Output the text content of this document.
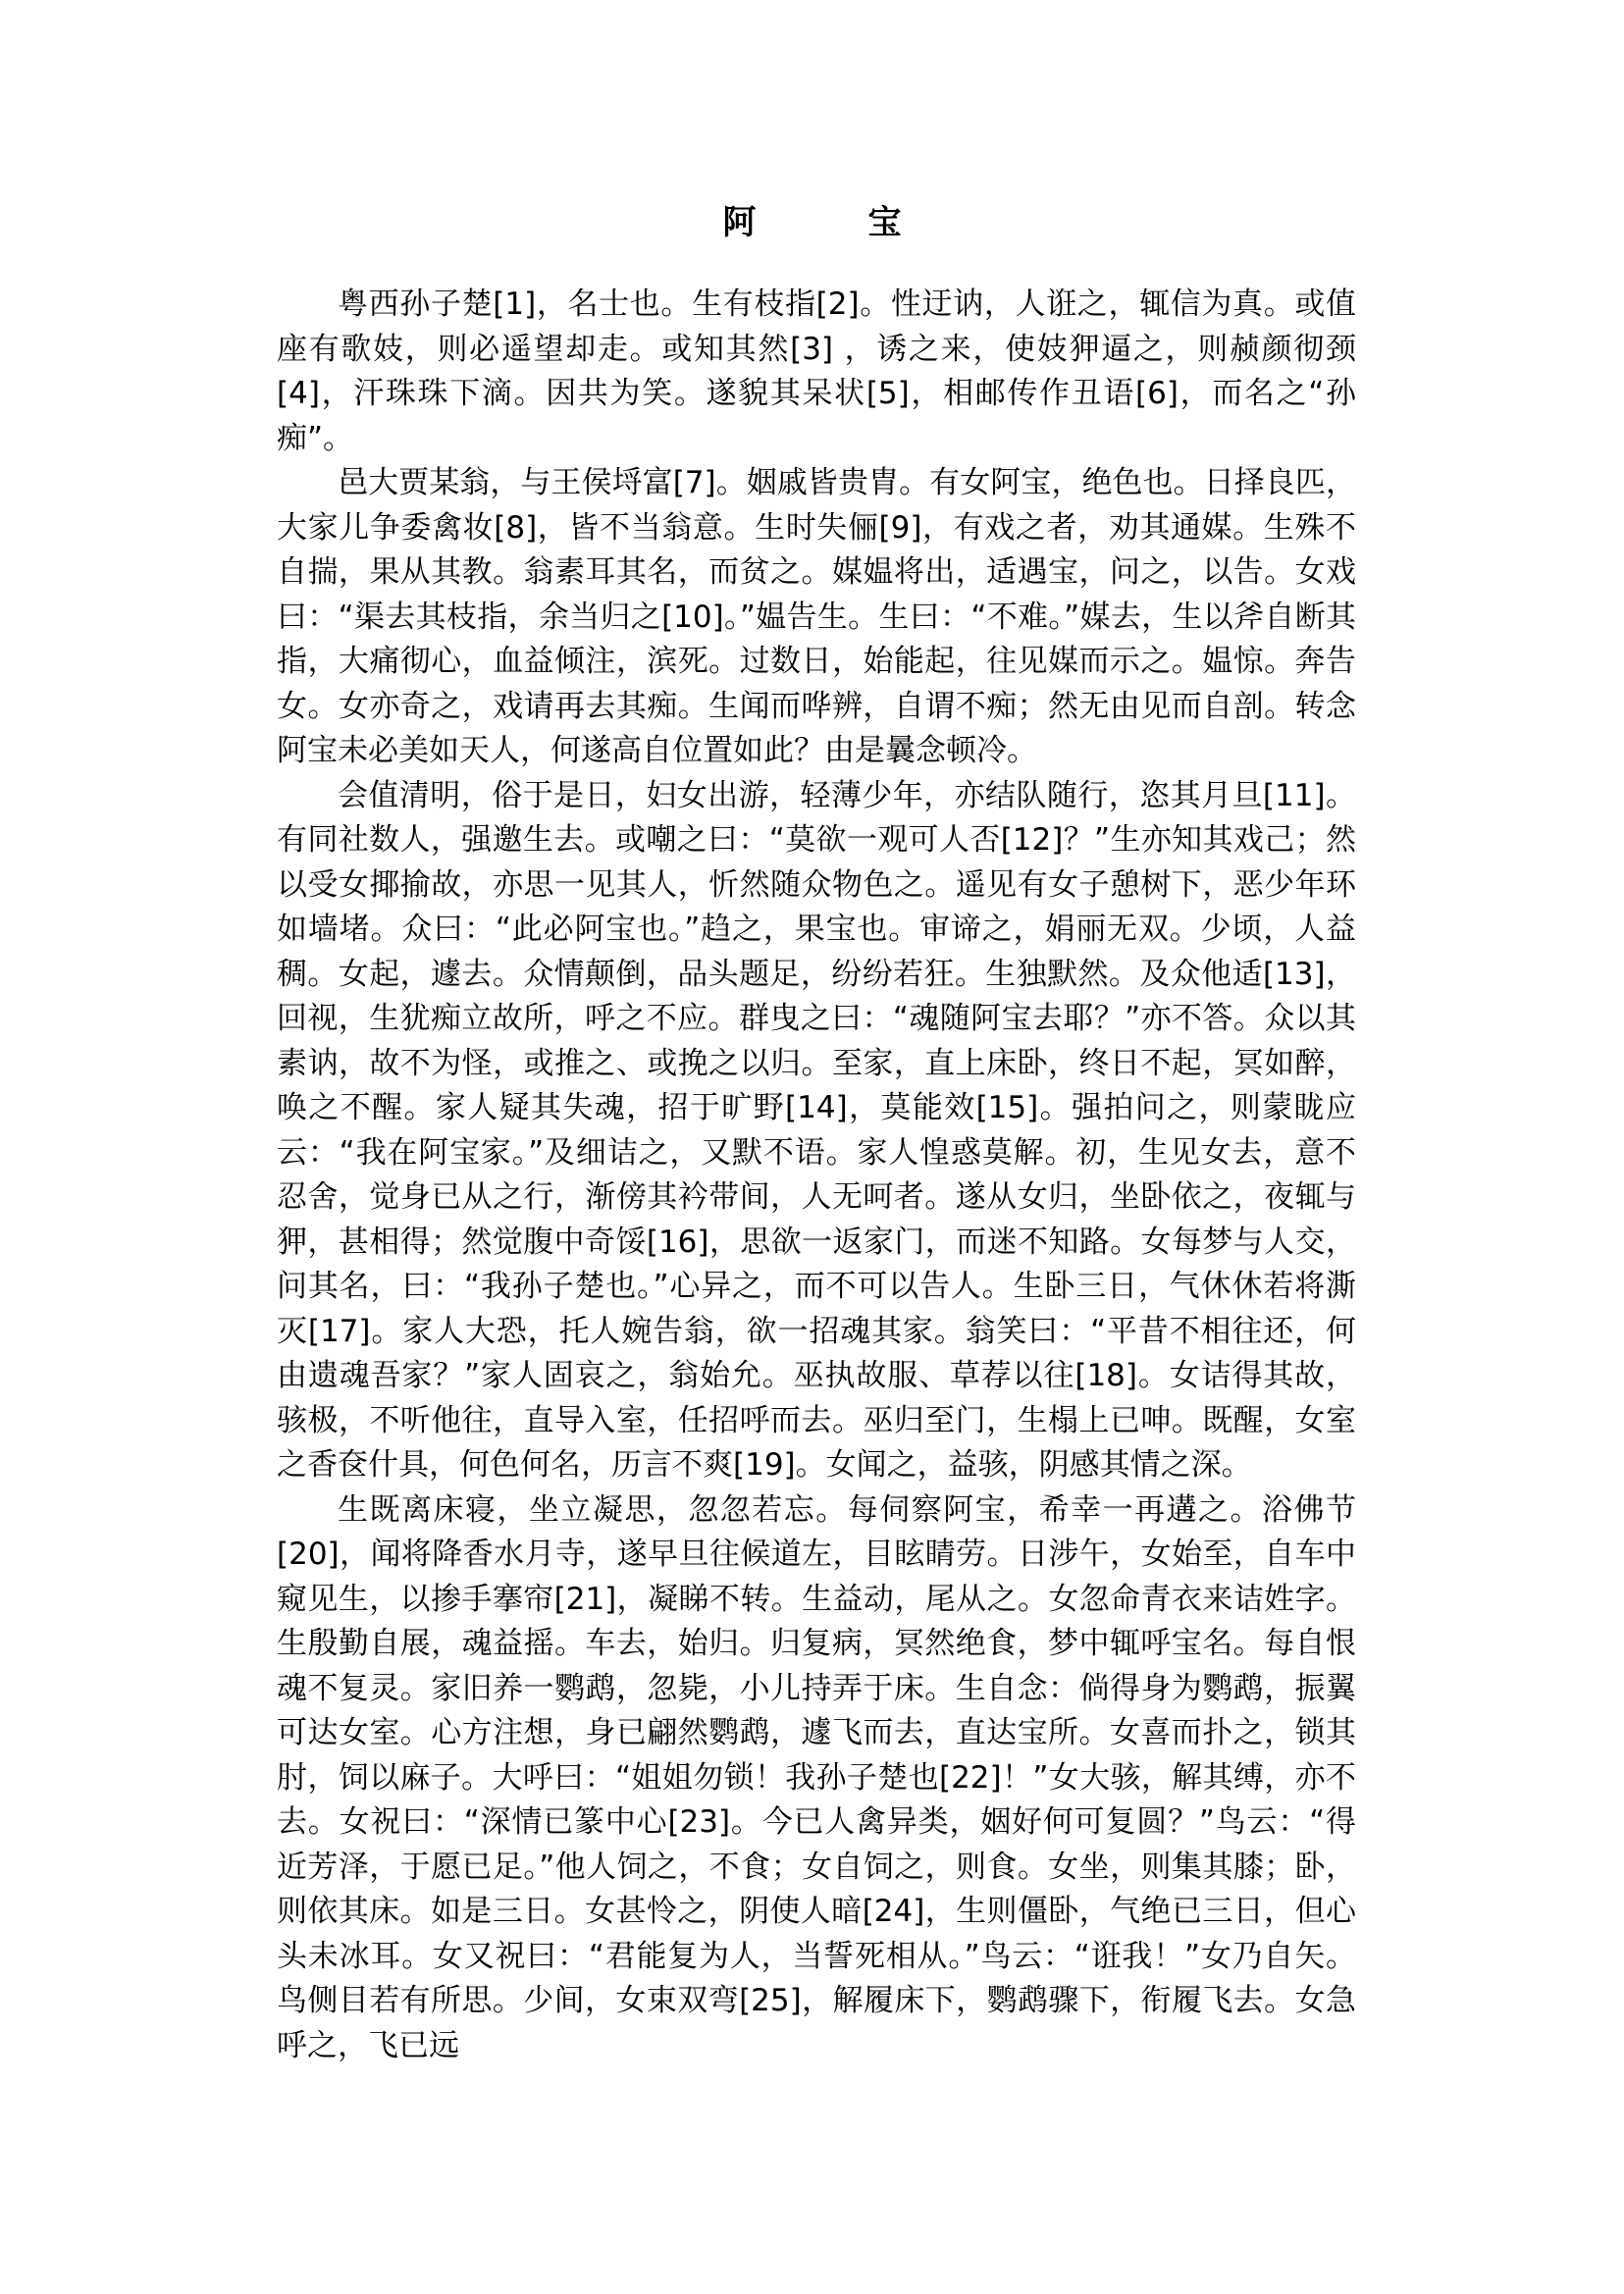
阿　宝

粤西孙子楚[1]，名士也。生有枝指[2]。性迂讷，人诳之，辄信为真。或值座有歌妓，则必遥望却走。或知其然[3] ，诱之来，使妓狎逼之，则赪颜彻颈[4]，汗珠珠下滴。因共为笑。遂貌其呆状[5]，相邮传作丑语[6]，而名之“孙痴”。

邑大贾某翁，与王侯埒富[7]。姻戚皆贵胄。有女阿宝，绝色也。日择良匹，大家儿争委禽妆[8]，皆不当翁意。生时失俪[9]，有戏之者，劝其通媒。生殊不自揣，果从其教。翁素耳其名，而贫之。媒媪将出，适遇宝，问之，以告。女戏曰：“渠去其枝指，余当归之[10]。”媪告生。生曰：“不难。”媒去，生以斧自断其指，大痛彻心，血益倾注，滨死。过数日，始能起，往见媒而示之。媪惊。奔告女。女亦奇之，戏请再去其痴。生闻而哗辨，自谓不痴；然无由见而自剖。转念阿宝未必美如天人，何遂高自位置如此？由是曩念顿冷。

会值清明，俗于是日，妇女出游，轻薄少年，亦结队随行，恣其月旦[11]。有同社数人，强邀生去。或嘲之曰：“莫欲一观可人否[12]？”生亦知其戏己；然以受女揶揄故，亦思一见其人，忻然随众物色之。遥见有女子憩树下，恶少年环如墙堵。众曰：“此必阿宝也。”趋之，果宝也。审谛之，娟丽无双。少顷，人益稠。女起，遽去。众情颠倒，品头题足，纷纷若狂。生独默然。及众他适[13]，回视，生犹痴立故所，呼之不应。群曳之曰：“魂随阿宝去耶？”亦不答。众以其素讷，故不为怪，或推之、或挽之以归。至家，直上床卧，终日不起，冥如醉，唤之不醒。家人疑其失魂，招于旷野[14]，莫能效[15]。强拍问之，则蒙眬应云：“我在阿宝家。”及细诘之，又默不语。家人惶惑莫解。初，生见女去，意不忍舍，觉身已从之行，渐傍其衿带间，人无呵者。遂从女归，坐卧依之，夜辄与狎，甚相得；然觉腹中奇馁[16]，思欲一返家门，而迷不知路。女每梦与人交，问其名，曰：“我孙子楚也。”心异之，而不可以告人。生卧三日，气休休若将澌灭[17]。家人大恐，托人婉告翁，欲一招魂其家。翁笑曰：“平昔不相往还，何由遗魂吾家？”家人固哀之，翁始允。巫执故服、草荐以往[18]。女诘得其故，骇极，不听他往，直导入室，任招呼而去。巫归至门，生榻上已呻。既醒，女室之香奁什具，何色何名，历言不爽[19]。女闻之，益骇，阴感其情之深。

生既离床寝，坐立凝思，忽忽若忘。每伺察阿宝，希幸一再遘之。浴佛节[20]，闻将降香水月寺，遂早旦往候道左，目眩睛劳。日涉午，女始至，自车中窥见生，以掺手搴帘[21]，凝睇不转。生益动，尾从之。女忽命青衣来诘姓字。生殷勤自展，魂益摇。车去，始归。归复病，冥然绝食，梦中辄呼宝名。每自恨魂不复灵。家旧养一鹦鹉，忽毙，小儿持弄于床。生自念：倘得身为鹦鹉，振翼可达女室。心方注想，身已翩然鹦鹉，遽飞而去，直达宝所。女喜而扑之，锁其肘，饲以麻子。大呼曰：“姐姐勿锁！我孙子楚也[22]！”女大骇，解其缚，亦不去。女祝曰：“深情已篆中心[23]。今已人禽异类，姻好何可复圆？”鸟云：“得近芳泽，于愿已足。”他人饲之，不食；女自饲之，则食。女坐，则集其膝；卧，则依其床。如是三日。女甚怜之，阴使人暗[24]，生则僵卧，气绝已三日，但心头未冰耳。女又祝曰：“君能复为人，当誓死相从。”鸟云：“诳我！”女乃自矢。鸟侧目若有所思。少间，女束双弯[25]，解履床下，鹦鹉骤下，衔履飞去。女急呼之，飞已远
